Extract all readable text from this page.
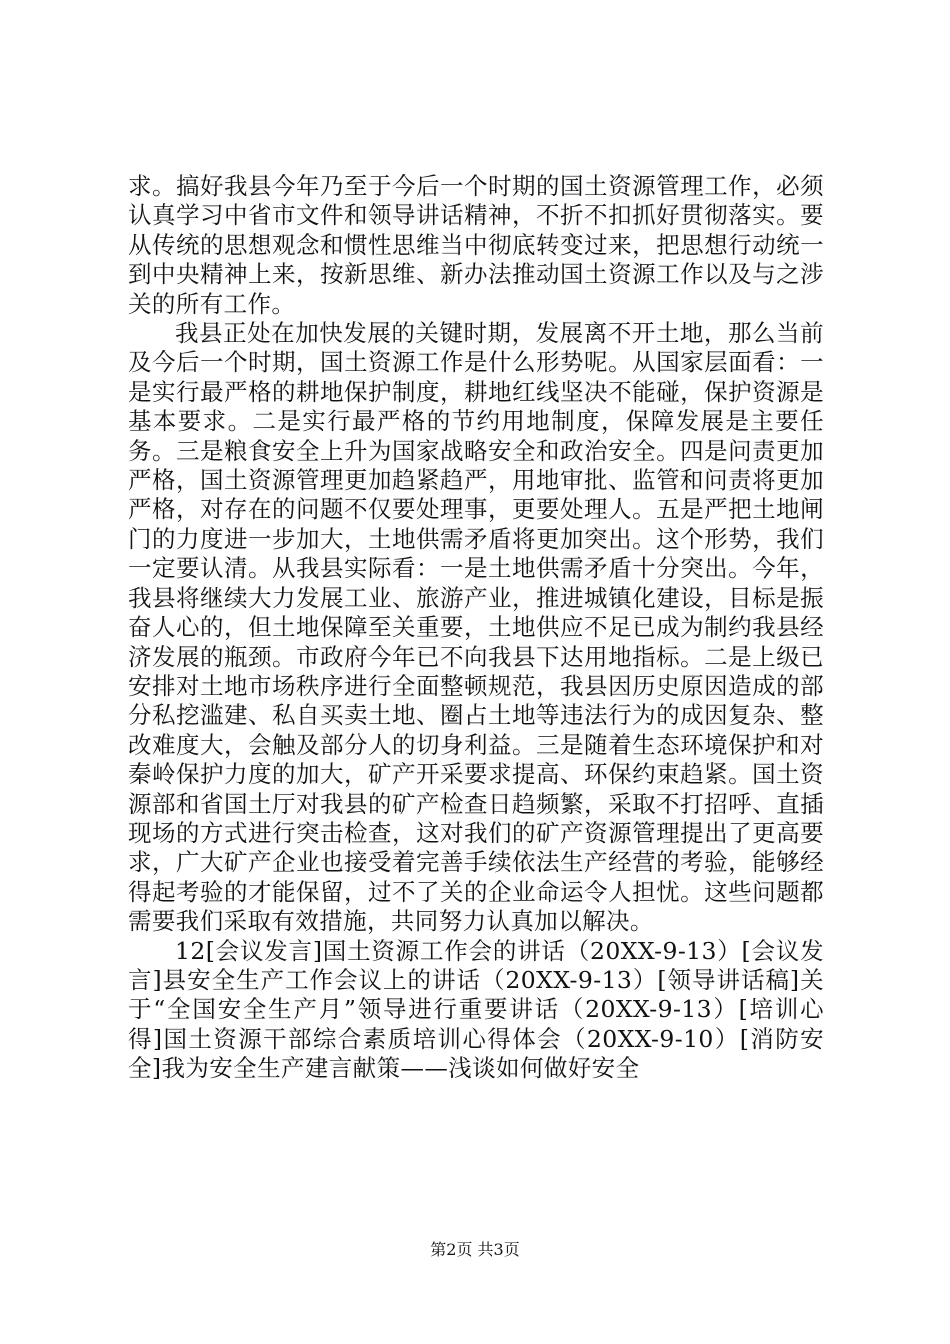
求。搞好我县今年乃至于今后一个时期的国土资源管理工作，必须认真学习中省市文件和领导讲话精神，不折不扣抓好贯彻落实。要从传统的思想观念和惯性思维当中彻底转变过来，把思想行动统一到中央精神上来，按新思维、新办法推动国土资源工作以及与之涉关的所有工作。

我县正处在加快发展的关键时期，发展离不开土地，那么当前及今后一个时期，国土资源工作是什么形势呢。从国家层面看：一是实行最严格的耕地保护制度，耕地红线坚决不能碰，保护资源是基本要求。二是实行最严格的节约用地制度，保障发展是主要任务。三是粮食安全上升为国家战略安全和政治安全。四是问责更加严格，国土资源管理更加趋紧趋严，用地审批、监管和问责将更加严格，对存在的问题不仅要处理事，更要处理人。五是严把土地闸门的力度进一步加大，土地供需矛盾将更加突出。这个形势，我们一定要认清。从我县实际看：一是土地供需矛盾十分突出。今年，我县将继续大力发展工业、旅游产业，推进城镇化建设，目标是振奋人心的，但土地保障至关重要，土地供应不足已成为制约我县经济发展的瓶颈。市政府今年已不向我县下达用地指标。二是上级已安排对土地市场秩序进行全面整顿规范，我县因历史原因造成的部分私挖滥建、私自买卖土地、圈占土地等违法行为的成因复杂、整改难度大，会触及部分人的切身利益。三是随着生态环境保护和对秦岭保护力度的加大，矿产开采要求提高、环保约束趋紧。国土资源部和省国土厅对我县的矿产检查日趋频繁，采取不打招呼、直插现场的方式进行突击检查，这对我们的矿产资源管理提出了更高要求，广大矿产企业也接受着完善手续依法生产经营的考验，能够经得起考验的才能保留，过不了关的企业命运令人担忧。这些问题都需要我们采取有效措施，共同努力认真加以解决。

12[会议发言]国土资源工作会的讲话（20XX-9-13）[会议发言]县安全生产工作会议上的讲话（20XX-9-13）[领导讲话稿]关于“全国安全生产月”领导进行重要讲话（20XX-9-13）[培训心得]国土资源干部综合素质培训心得体会（20XX-9-10）[消防安全]我为安全生产建言献策——浅谈如何做好安全

第2页 共3页
